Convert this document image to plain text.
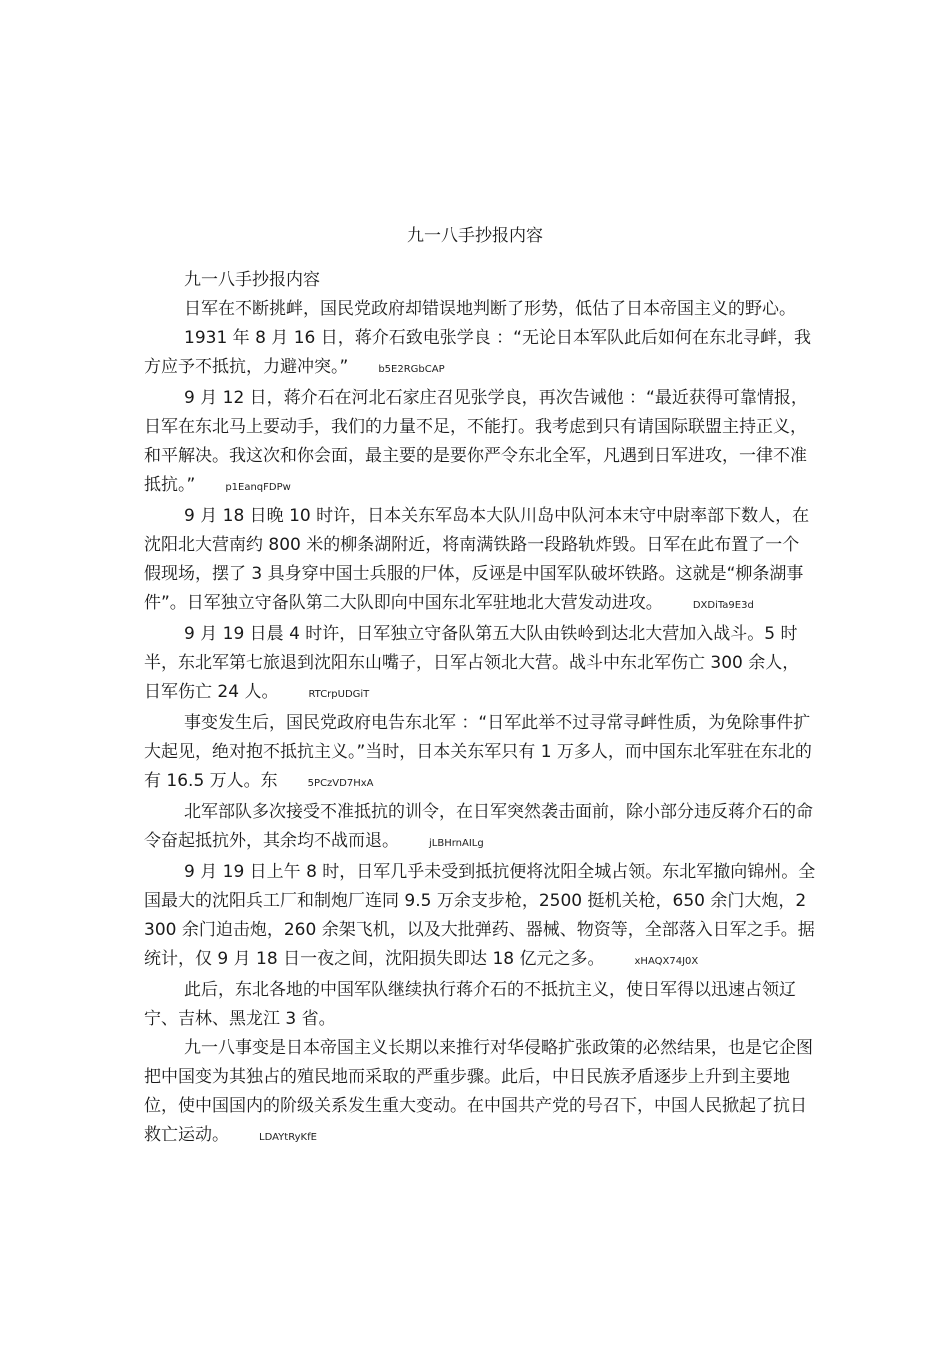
九一八手抄报内容

九一八手抄报内容

日军在不断挑衅，国民党政府却错误地判断了形势，低估了日本帝国主义的野心。

1931 年 8 月 16 日，蒋介石致电张学良 ：“无论日本军队此后如何在东北寻衅，我方应予不抵抗，力避冲突。”	b5E2RGbCAP

9 月 12 日，蒋介石在河北石家庄召见张学良，再次告诫他 ：“最近获得可靠情报，日军在东北马上要动手，我们的力量不足，不能打。我考虑到只有请国际联盟主持正义，和平解决。我这次和你会面，最主要的是要你严令东北全军，凡遇到日军进攻，一律不准抵抗。”	p1EanqFDPw

9 月 18 日晚 10 时许，日本关东军岛本大队川岛中队河本末守中尉率部下数人，在沈阳北大营南约 800 米的柳条湖附近，将南满铁路一段路轨炸毁。日军在此布置了一个假现场，摆了 3 具身穿中国士兵服的尸体，反诬是中国军队破坏铁路。这就是“柳条湖事件”。日军独立守备队第二大队即向中国东北军驻地北大营发动进攻。	DXDiTa9E3d

9 月 19 日晨 4 时许，日军独立守备队第五大队由铁岭到达北大营加入战斗。5 时半，东北军第七旅退到沈阳东山嘴子，日军占领北大营。战斗中东北军伤亡 300 余人，日军伤亡 24 人。	RTCrpUDGiT

事变发生后，国民党政府电告东北军 ：“日军此举不过寻常寻衅性质，为免除事件扩大起见，绝对抱不抵抗主义。”当时，日本关东军只有 1 万多人，而中国东北军驻在东北的有 16.5 万人。东	5PCzVD7HxA

北军部队多次接受不准抵抗的训令，在日军突然袭击面前，除小部分违反蒋介石的命令奋起抵抗外，其余均不战而退。	jLBHrnAILg

9 月 19 日上午 8 时，日军几乎未受到抵抗便将沈阳全城占领。东北军撤向锦州。全国最大的沈阳兵工厂和制炮厂连同 9.5 万余支步枪，2500 挺机关枪，650 余门大炮，2300 余门迫击炮，260 余架飞机，以及大批弹药、器械、物资等，全部落入日军之手。据统计，仅 9 月 18 日一夜之间，沈阳损失即达 18 亿元之多。	xHAQX74J0X

此后，东北各地的中国军队继续执行蒋介石的不抵抗主义，使日军得以迅速占领辽宁、吉林、黑龙江 3 省。

九一八事变是日本帝国主义长期以来推行对华侵略扩张政策的必然结果，也是它企图把中国变为其独占的殖民地而采取的严重步骤。此后，中日民族矛盾逐步上升到主要地位，使中国国内的阶级关系发生重大变动。在中国共产党的号召下，中国人民掀起了抗日救亡运动。	LDAYtRyKfE
